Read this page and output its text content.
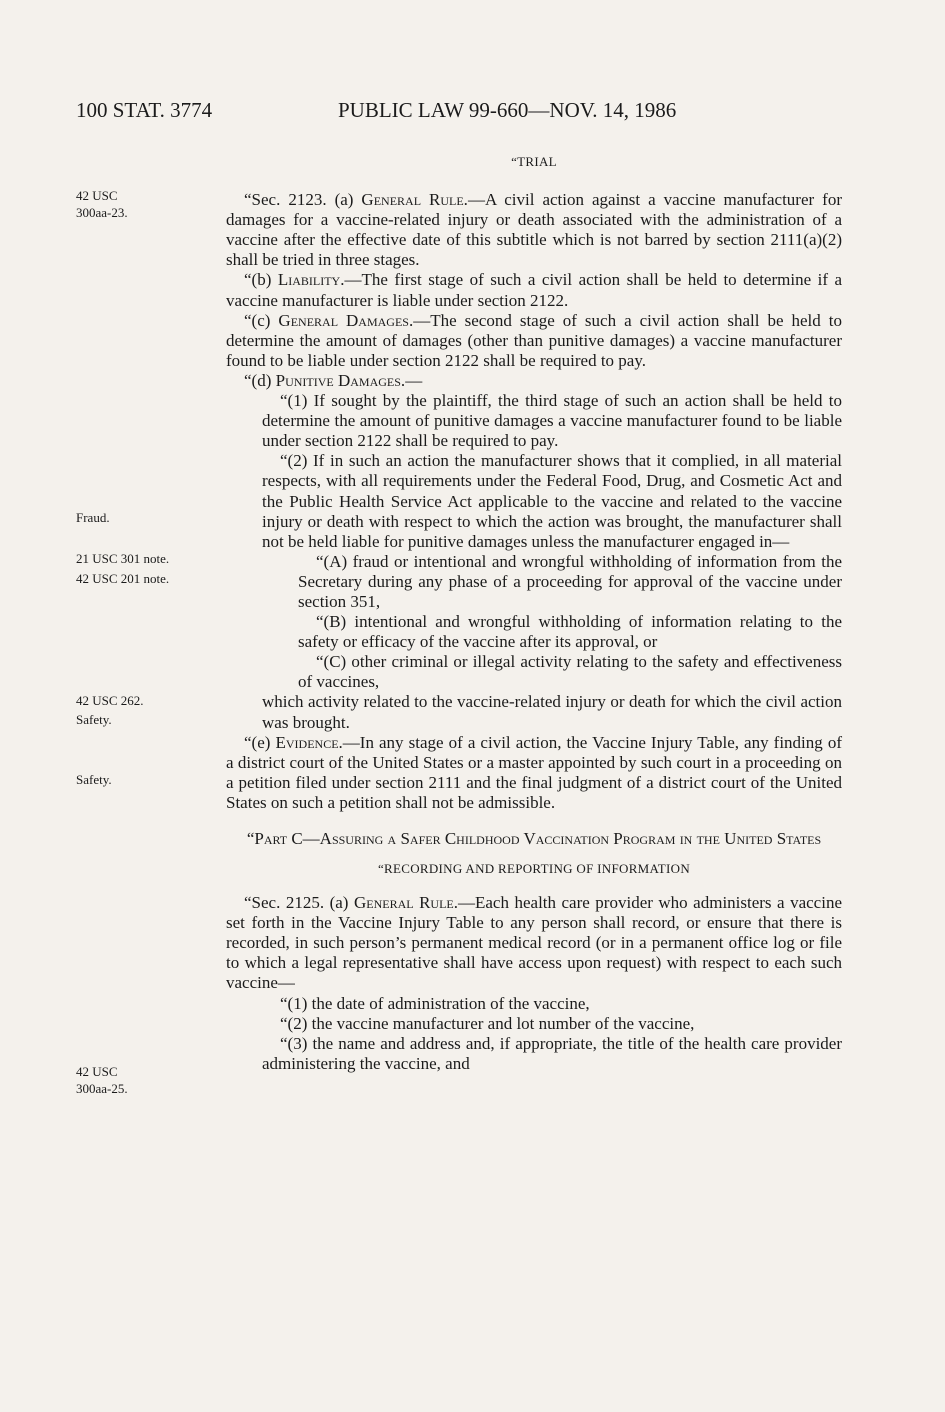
100 STAT. 3774	PUBLIC LAW 99-660—NOV. 14, 1986
42 USC
300aa-23.
Fraud.
21 USC 301 note.
42 USC 201 note.
42 USC 262.
Safety.
Safety.
42 USC
300aa-25.

“TRIAL

“Sec. 2123. (a) General Rule.—A civil action against a vaccine manufacturer for damages for a vaccine-related injury or death associated with the administration of a vaccine after the effective date of this subtitle which is not barred by section 2111(a)(2) shall be tried in three stages.

“(b) Liability.—The first stage of such a civil action shall be held to determine if a vaccine manufacturer is liable under section 2122.

“(c) General Damages.—The second stage of such a civil action shall be held to determine the amount of damages (other than punitive damages) a vaccine manufacturer found to be liable under section 2122 shall be required to pay.

“(d) Punitive Damages.—

“(1) If sought by the plaintiff, the third stage of such an action shall be held to determine the amount of punitive damages a vaccine manufacturer found to be liable under section 2122 shall be required to pay.

“(2) If in such an action the manufacturer shows that it complied, in all material respects, with all requirements under the Federal Food, Drug, and Cosmetic Act and the Public Health Service Act applicable to the vaccine and related to the vaccine injury or death with respect to which the action was brought, the manufacturer shall not be held liable for punitive damages unless the manufacturer engaged in—

“(A) fraud or intentional and wrongful withholding of information from the Secretary during any phase of a proceeding for approval of the vaccine under section 351,

“(B) intentional and wrongful withholding of information relating to the safety or efficacy of the vaccine after its approval, or

“(C) other criminal or illegal activity relating to the safety and effectiveness of vaccines,

which activity related to the vaccine-related injury or death for which the civil action was brought.

“(e) Evidence.—In any stage of a civil action, the Vaccine Injury Table, any finding of a district court of the United States or a master appointed by such court in a proceeding on a petition filed under section 2111 and the final judgment of a district court of the United States on such a petition shall not be admissible.

“Part C—Assuring a Safer Childhood Vaccination Program in the United States

“RECORDING AND REPORTING OF INFORMATION

“Sec. 2125. (a) General Rule.—Each health care provider who administers a vaccine set forth in the Vaccine Injury Table to any person shall record, or ensure that there is recorded, in such person’s permanent medical record (or in a permanent office log or file to which a legal representative shall have access upon request) with respect to each such vaccine—

“(1) the date of administration of the vaccine,

“(2) the vaccine manufacturer and lot number of the vaccine,

“(3) the name and address and, if appropriate, the title of the health care provider administering the vaccine, and
